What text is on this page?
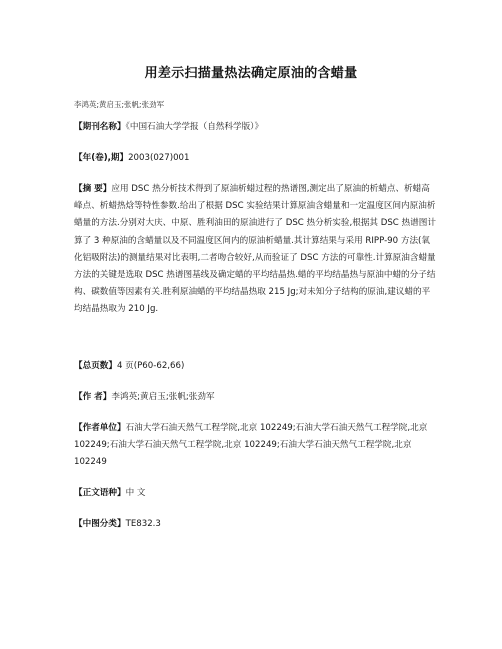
用差示扫描量热法确定原油的含蜡量
李鸿英;黄启玉;张帆;张劲军
【期刊名称】《中国石油大学学报（自然科学版）》
【年(卷),期】2003(027)001
【摘 要】应用 DSC 热分析技术得到了原油析蜡过程的热谱图,测定出了原油的析蜡点、析蜡高峰点、析蜡热焓等特性参数.给出了根据 DSC 实验结果计算原油含蜡量和一定温度区间内原油析蜡量的方法.分别对大庆、中原、胜利油田的原油进行了 DSC 热分析实验,根据其 DSC 热谱图计算了 3 种原油的含蜡量以及不同温度区间内的原油析蜡量.其计算结果与采用 RIPP-90 方法(氧化铝吸附法)的测量结果对比表明,二者吻合较好,从而验证了 DSC 方法的可靠性.计算原油含蜡量方法的关键是选取 DSC 热谱图基线及确定蜡的平均结晶热.蜡的平均结晶热与原油中蜡的分子结构、碳数值等因素有关.胜利原油蜡的平均结晶热取 215 Jg;对未知分子结构的原油,建议蜡的平均结晶热取为 210 Jg.
【总页数】4 页(P60-62,66)
【作 者】李鸿英;黄启玉;张帆;张劲军
【作者单位】石油大学石油天然气工程学院,北京 102249;石油大学石油天然气工程学院,北京 102249;石油大学石油天然气工程学院,北京 102249;石油大学石油天然气工程学院,北京 102249
【正文语种】中 文
【中图分类】TE832.3
